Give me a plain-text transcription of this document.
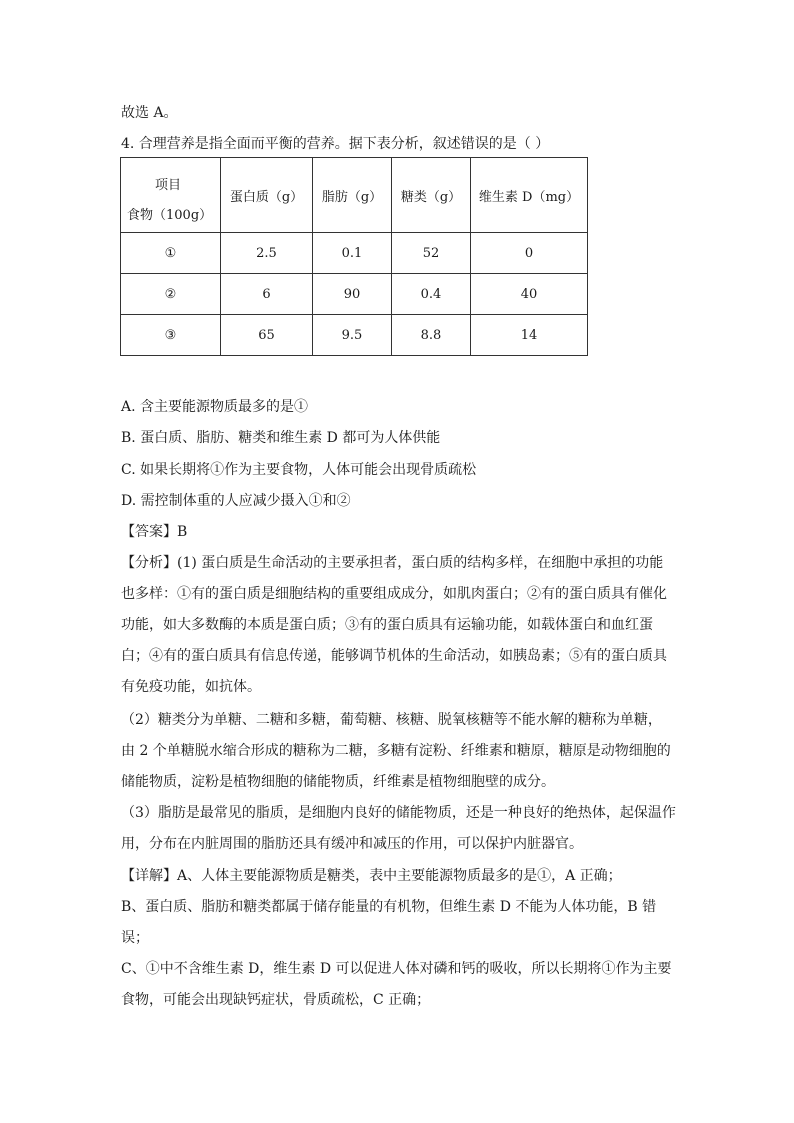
故选 A。
4. 合理营养是指全面而平衡的营养。据下表分析，叙述错误的是（ ）
项目
食物（100g）	蛋白质（g）	脂肪（g）	糖类（g）	维生素 D（mg）
①	2.5	0.1	52	0
②	6	90	0.4	40
③	65	9.5	8.8	14
A. 含主要能源物质最多的是①
B. 蛋白质、脂肪、糖类和维生素 D 都可为人体供能
C. 如果长期将①作为主要食物，人体可能会出现骨质疏松
D. 需控制体重的人应减少摄入①和②
【答案】B
【分析】(1) 蛋白质是生命活动的主要承担者，蛋白质的结构多样，在细胞中承担的功能
也多样：①有的蛋白质是细胞结构的重要组成成分，如肌肉蛋白；②有的蛋白质具有催化
功能，如大多数酶的本质是蛋白质；③有的蛋白质具有运输功能，如载体蛋白和血红蛋
白；④有的蛋白质具有信息传递，能够调节机体的生命活动，如胰岛素；⑤有的蛋白质具
有免疫功能，如抗体。
（2）糖类分为单糖、二糖和多糖，葡萄糖、核糖、脱氧核糖等不能水解的糖称为单糖，
由 2 个单糖脱水缩合形成的糖称为二糖，多糖有淀粉、纤维素和糖原，糖原是动物细胞的
储能物质，淀粉是植物细胞的储能物质，纤维素是植物细胞壁的成分。
（3）脂肪是最常见的脂质，是细胞内良好的储能物质，还是一种良好的绝热体，起保温作
用，分布在内脏周围的脂肪还具有缓冲和减压的作用，可以保护内脏器官。
【详解】A、人体主要能源物质是糖类，表中主要能源物质最多的是①，A 正确；
B、蛋白质、脂肪和糖类都属于储存能量的有机物，但维生素 D 不能为人体功能，B 错
误；
C、①中不含维生素 D，维生素 D 可以促进人体对磷和钙的吸收，所以长期将①作为主要
食物，可能会出现缺钙症状，骨质疏松，C 正确；
